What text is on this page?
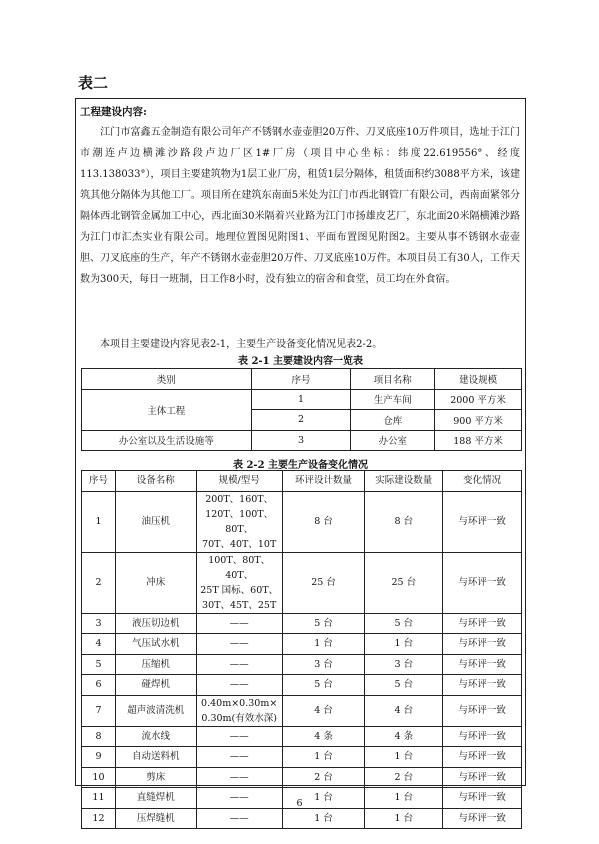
表二
工程建设内容:
江门市富鑫五金制造有限公司年产不锈钢水壶壶胆20万件、刀叉底座10万件项目，选址于江门市潮连卢边横滩沙路段卢边厂区1#厂房（项目中心坐标：纬度22.619556°、经度113.138033°），项目主要建筑物为1层工业厂房，租赁1层分隔体，租赁面积约3088平方米，该建筑其他分隔体为其他工厂。项目所在建筑东南面5米处为江门市西北钢管厂有限公司，西南面紧邻分隔体西北钢管金属加工中心，西北面30米隔着兴业路为江门市扬雄皮艺厂，东北面20米隔横滩沙路为江门市汇杰实业有限公司。地理位置图见附图1、平面布置图见附图2。主要从事不锈钢水壶壶胆、刀叉底座的生产，年产不锈钢水壶壶胆20万件、刀叉底座10万件。本项目员工有30人，工作天数为300天，每日一班制，日工作8小时，没有独立的宿舍和食堂，员工均在外食宿。
本项目主要建设内容见表2-1，主要生产设备变化情况见表2-2。
表 2-1 主要建设内容一览表
类别	序号	项目名称	建设规模
主体工程	1	生产车间	2000 平方米
	2	仓库	900 平方米
办公室以及生活设施等	3	办公室	188 平方米
表 2-2 主要生产设备变化情况
序号	设备名称	规模/型号	环评设计数量	实际建设数量	变化情况
1	油压机	200T、160T、
120T、100T、80T、
70T、40T、10T	8 台	8 台	与环评一致
2	冲床	100T、80T、40T、
25T 国标、60T、
30T、45T、25T	25 台	25 台	与环评一致
3	液压切边机	——	5 台	5 台	与环评一致
4	气压试水机	——	1 台	1 台	与环评一致
5	压缩机	——	3 台	3 台	与环评一致
6	碰焊机	——	5 台	5 台	与环评一致
7	超声波清洗机	0.40m×0.30m×
0.30m(有效水深)	4 台	4 台	与环评一致
8	流水线	——	4 条	4 条	与环评一致
9	自动送料机	——	1 台	1 台	与环评一致
10	剪床	——	2 台	2 台	与环评一致
11	直缝焊机	——	1 台	1 台	与环评一致
12	压焊缝机	——	1 台	1 台	与环评一致
6
